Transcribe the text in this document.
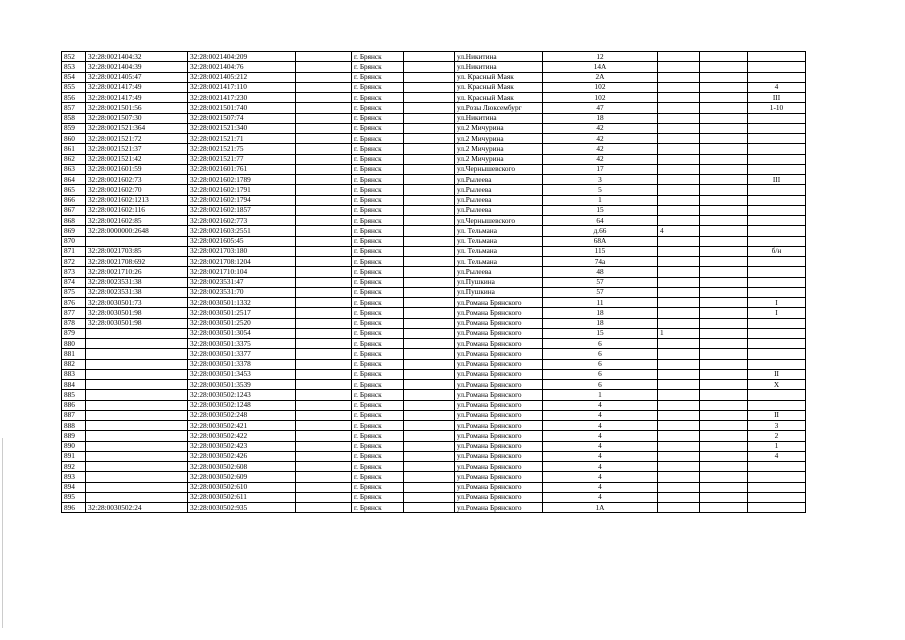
852	32:28:0021404:32	32:28:0021404:209		г. Брянск		ул.Никитина	12			
853	32:28:0021404:39	32:28:0021404:76		г. Брянск		ул.Никитина	14А			
854	32:28:0021405:47	32:28:0021405:212		г. Брянск		ул. Красный Маяк	2А			
855	32:28:0021417:49	32:28:0021417:110		г. Брянск		ул. Красный Маяк	102			4
856	32:28:0021417:49	32:28:0021417:230		г. Брянск		ул. Красный Маяк	102			III
857	32:28:0021501:56	32:28:0021501:740		г. Брянск		ул.Розы Люксембург	47			1-10
858	32:28:0021507:30	32:28:0021507:74		г. Брянск		ул.Никитина	18			
859	32:28:0021521:364	32:28:0021521:340		г. Брянск		ул.2 Мичурина	42			
860	32:28:0021521:72	32:28:0021521:71		г. Брянск		ул.2 Мичурина	42			
861	32:28:0021521:37	32:28:0021521:75		г. Брянск		ул.2 Мичурина	42			
862	32:28:0021521:42	32:28:0021521:77		г. Брянск		ул.2 Мичурина	42			
863	32:28:0021601:59	32:28:0021601:761		г. Брянск		ул.Чернышевского	17			
864	32:28:0021602:73	32:28:0021602:1789		г. Брянск		ул.Рылеева	3			III
865	32:28:0021602:70	32:28:0021602:1791		г. Брянск		ул.Рылеева	5			
866	32:28:0021602:1213	32:28:0021602:1794		г. Брянск		ул.Рылеева	1			
867	32:28:0021602:116	32:28:0021602:1857		г. Брянск		ул.Рылеева	15			
868	32:28:0021602:85	32:28:0021602:773		г. Брянск		ул.Чернышевского	64			
869	32:28:0000000:2648	32:28:0021603:2551		г. Брянск		ул. Тельмана	д.66	4		
870		32:28:0021605:45		г. Брянск		ул. Тельмана	68А			
871	32:28:0021703:85	32:28:0021703:180		г. Брянск		ул. Тельмана	115			б/н
872	32:28:0021708:692	32:28:0021708:1204		г. Брянск		ул. Тельмана	74а			
873	32:28:0021710:26	32:28:0021710:104		г. Брянск		ул.Рылеева	48			
874	32:28:0023531:38	32:28:0023531:47		г. Брянск		ул.Пушкина	57			
875	32:28:0023531:38	32:28:0023531:70		г. Брянск		ул.Пушкина	57			
876	32:28:0030501:73	32:28:0030501:1332		г. Брянск		ул.Романа Брянского	11			I
877	32:28:0030501:98	32:28:0030501:2517		г. Брянск		ул.Романа Брянского	18			I
878	32:28:0030501:98	32:28:0030501:2520		г. Брянск		ул.Романа Брянского	18			
879		32:28:0030501:3054		г. Брянск		ул.Романа Брянского	15	1		
880		32:28:0030501:3375		г. Брянск		ул.Романа Брянского	6			
881		32:28:0030501:3377		г. Брянск		ул.Романа Брянского	6			
882		32:28:0030501:3378		г. Брянск		ул.Романа Брянского	6			
883		32:28:0030501:3453		г. Брянск		ул.Романа Брянского	6			II
884		32:28:0030501:3539		г. Брянск		ул.Романа Брянского	6			X
885		32:28:0030502:1243		г. Брянск		ул.Романа Брянского	1			
886		32:28:0030502:1248		г. Брянск		ул.Романа Брянского	4			
887		32:28:0030502:248		г. Брянск		ул.Романа Брянского	4			II
888		32:28:0030502:421		г. Брянск		ул.Романа Брянского	4			3
889		32:28:0030502:422		г. Брянск		ул.Романа Брянского	4			2
890		32:28:0030502:423		г. Брянск		ул.Романа Брянского	4			1
891		32:28:0030502:426		г. Брянск		ул.Романа Брянского	4			4
892		32:28:0030502:608		г. Брянск		ул.Романа Брянского	4			
893		32:28:0030502:609		г. Брянск		ул.Романа Брянского	4			
894		32:28:0030502:610		г. Брянск		ул.Романа Брянского	4			
895		32:28:0030502:611		г. Брянск		ул.Романа Брянского	4			
896	32:28:0030502:24	32:28:0030502:935		г. Брянск		ул.Романа Брянского	1А			
